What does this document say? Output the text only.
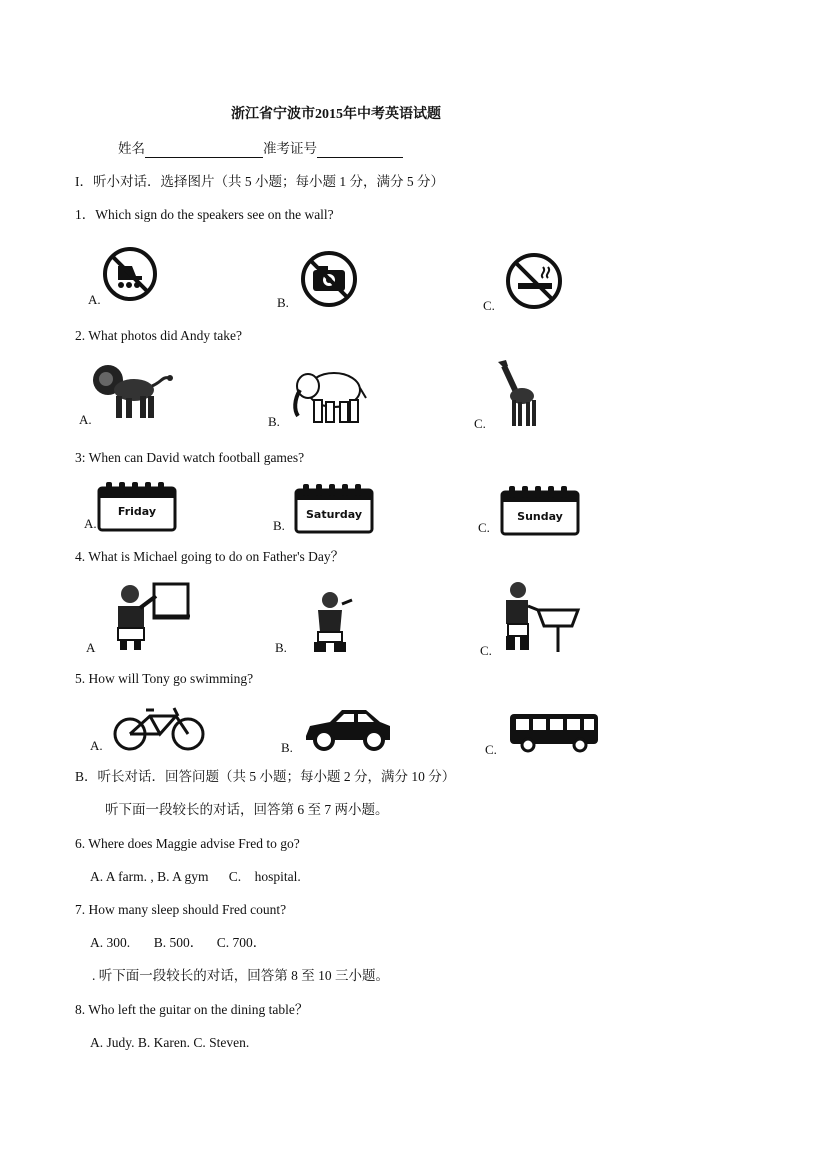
浙江省宁波市2015年中考英语试题
姓名	准考证号
I．听小对话．选择图片（共 5 小题；每小题 1 分，满分 5 分）
1．Which sign do the speakers see on the wall?
A.	B.	C.
2. What photos did Andy take?
A.	B.	C.
3: When can David watch football games?
A.
Friday
B.
Saturday
C.
Sunday
4. What is Michael going to do on Father's Day？
A	B.	C.
5. How will Tony go swimming?
A.	B.	C.
B．听长对话．回答问题（共 5 小题；每小题 2 分，满分 10 分）
听下面一段较长的对话，回答第 6 至 7 两小题。
6. Where does Maggie advise Fred to go?
A. A farm. , B. A gym      C.    hospital.
7. How many sleep should Fred count?
A. 300.       B. 500．    C. 700．
. 听下面一段较长的对话，回答第 8 至 10 三小题。
8. Who left the guitar on the dining table？
A. Judy. B. Karen. C. Steven.
